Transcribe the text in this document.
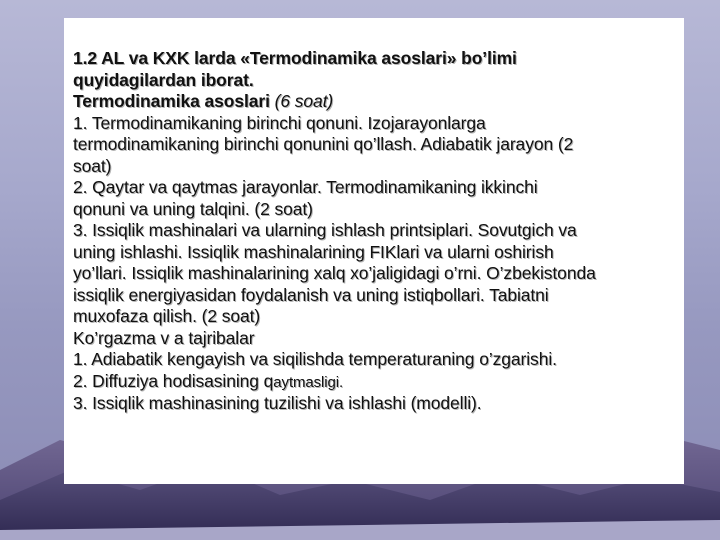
1.2 AL va KXK larda «Termodinamika asoslari» bo’limi
quyidagilardan iborat.
Termodinamika asoslari (6 soat)
1. Termodinamikaning birinchi qonuni. Izojarayonlarga
termodinamikaning birinchi qonunini qo’llash. Adiabatik jarayon (2
soat)
2. Qaytar va qaytmas jarayonlar. Termodinamikaning ikkinchi
qonuni va uning talqini. (2 soat)
3. Issiqlik mashinalari va ularning ishlash printsiplari. Sovutgich va
uning ishlashi. Issiqlik mashinalarining FIKlari va ularni oshirish
yo’llari. Issiqlik mashinalarining xalq xo’jaligidagi o’rni. O’zbekistonda
issiqlik energiyasidan foydalanish va uning istiqbollari. Tabiatni
muxofaza qilish. (2 soat)
Ko’rgazma v a tajribalar
1. Adiabatik kengayish va siqilishda temperaturaning o’zgarishi.
2. Diffuziya hodisasining qaytmasligi.
3. Issiqlik mashinasining tuzilishi va ishlashi (modelli).
